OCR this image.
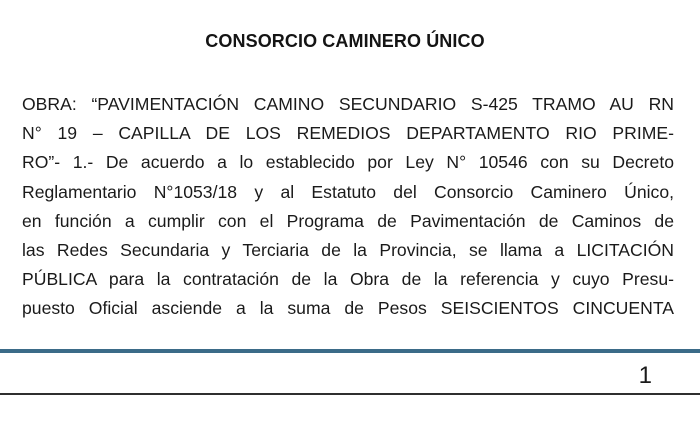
CONSORCIO CAMINERO ÚNICO
OBRA: “PAVIMENTACIÓN CAMINO SECUNDARIO S-425 TRAMO AU RN
N° 19 – CAPILLA DE LOS REMEDIOS DEPARTAMENTO RIO PRIME-
RO”- 1.- De acuerdo a lo establecido por Ley N° 10546 con su Decreto
Reglamentario N°1053/18 y al Estatuto del Consorcio Caminero Único,
en función a cumplir con el Programa de Pavimentación de Caminos de
las Redes Secundaria y Terciaria de la Provincia, se llama a LICITACIÓN
PÚBLICA para la contratación de la Obra de la referencia y cuyo Presu-
puesto Oficial asciende a la suma de Pesos SEISCIENTOS CINCUENTA
1
